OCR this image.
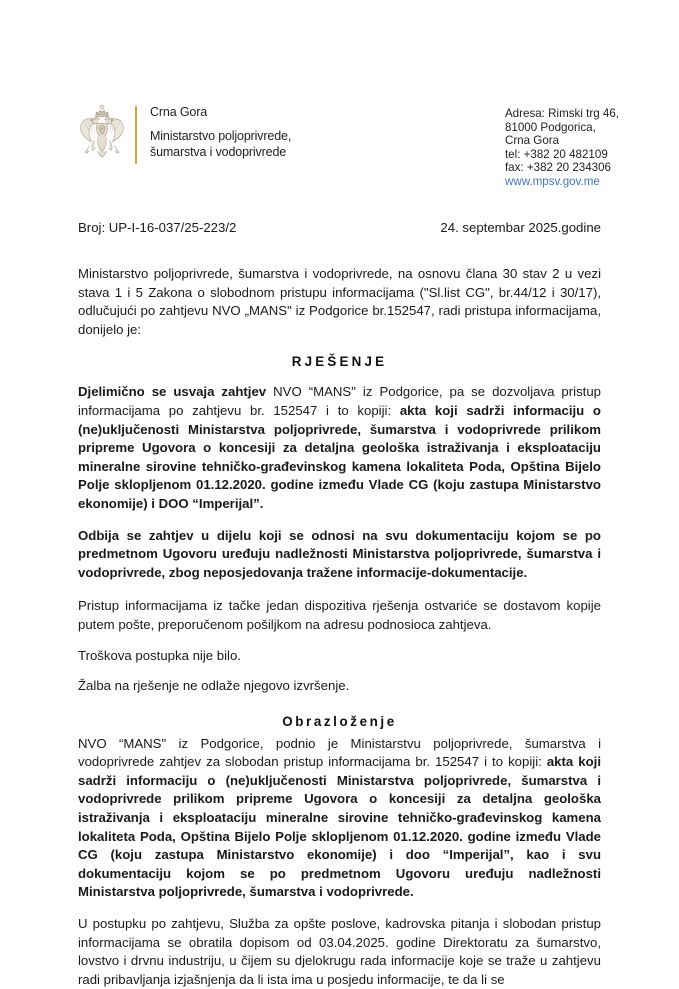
Crna Gora
Ministarstvo poljoprivrede,
šumarstva i vodoprivrede
Adresa: Rimski trg 46,
81000 Podgorica,
Crna Gora
tel: +382 20 482109
fax: +382 20 234306
www.mpsv.gov.me
Broj: UP-I-16-037/25-223/2	24. septembar 2025.godine

Ministarstvo poljoprivrede, šumarstva i vodoprivrede, na osnovu člana 30 stav 2 u vezi stava 1 i 5 Zakona o slobodnom pristupu informacijama ("Sl.list CG", br.44/12 i 30/17), odlučujući po zahtjevu NVO „MANS" iz Podgorice br.152547, radi pristupa informacijama, donijelo je:

RJEŠENJE

Djelimično se usvaja zahtjev NVO “MANS" iz Podgorice, pa se dozvoljava pristup informacijama po zahtjevu br. 152547 i to kopiji: akta koji sadrži informaciju o (ne)uključenosti Ministarstva poljoprivrede, šumarstva i vodoprivrede prilikom pripreme Ugovora o koncesiji za detaljna geološka istraživanja i eksploataciju mineralne sirovine tehničko-građevinskog kamena lokaliteta Poda, Opština Bijelo Polje sklopljenom 01.12.2020. godine između Vlade CG (koju zastupa Ministarstvo ekonomije) i DOO “Imperijal”.

Odbija se zahtjev u dijelu koji se odnosi na svu dokumentaciju kojom se po predmetnom Ugovoru uređuju nadležnosti Ministarstva poljoprivrede, šumarstva i vodoprivrede, zbog neposjedovanja tražene informacije-dokumentacije.

Pristup informacijama iz tačke jedan dispozitiva rješenja ostvariće se dostavom kopije putem pošte, preporučenom pošiljkom na adresu podnosioca zahtjeva.

Troškova postupka nije bilo.

Žalba na rješenje ne odlaže njegovo izvršenje.

Obrazloženje

NVO “MANS" iz Podgorice, podnio je Ministarstvu poljoprivrede, šumarstva i vodoprivrede zahtjev za slobodan pristup informacijama br. 152547 i to kopiji: akta koji sadrži informaciju o (ne)uključenosti Ministarstva poljoprivrede, šumarstva i vodoprivrede prilikom pripreme Ugovora o koncesiji za detaljna geološka istraživanja i eksploataciju mineralne sirovine tehničko-građevinskog kamena lokaliteta Poda, Opština Bijelo Polje sklopljenom 01.12.2020. godine između Vlade CG (koju zastupa Ministarstvo ekonomije) i doo “Imperijal”, kao i svu dokumentaciju kojom se po predmetnom Ugovoru uređuju nadležnosti Ministarstva poljoprivrede, šumarstva i vodoprivrede.

U postupku po zahtjevu, Služba za opšte poslove, kadrovska pitanja i slobodan pristup informacijama se obratila dopisom od 03.04.2025. godine Direktoratu za šumarstvo, lovstvo i drvnu industriju, u čijem su djelokrugu rada informacije koje se traže u zahtjevu radi pribavljanja izjašnjenja da li ista ima u posjedu informacije, te da li se
